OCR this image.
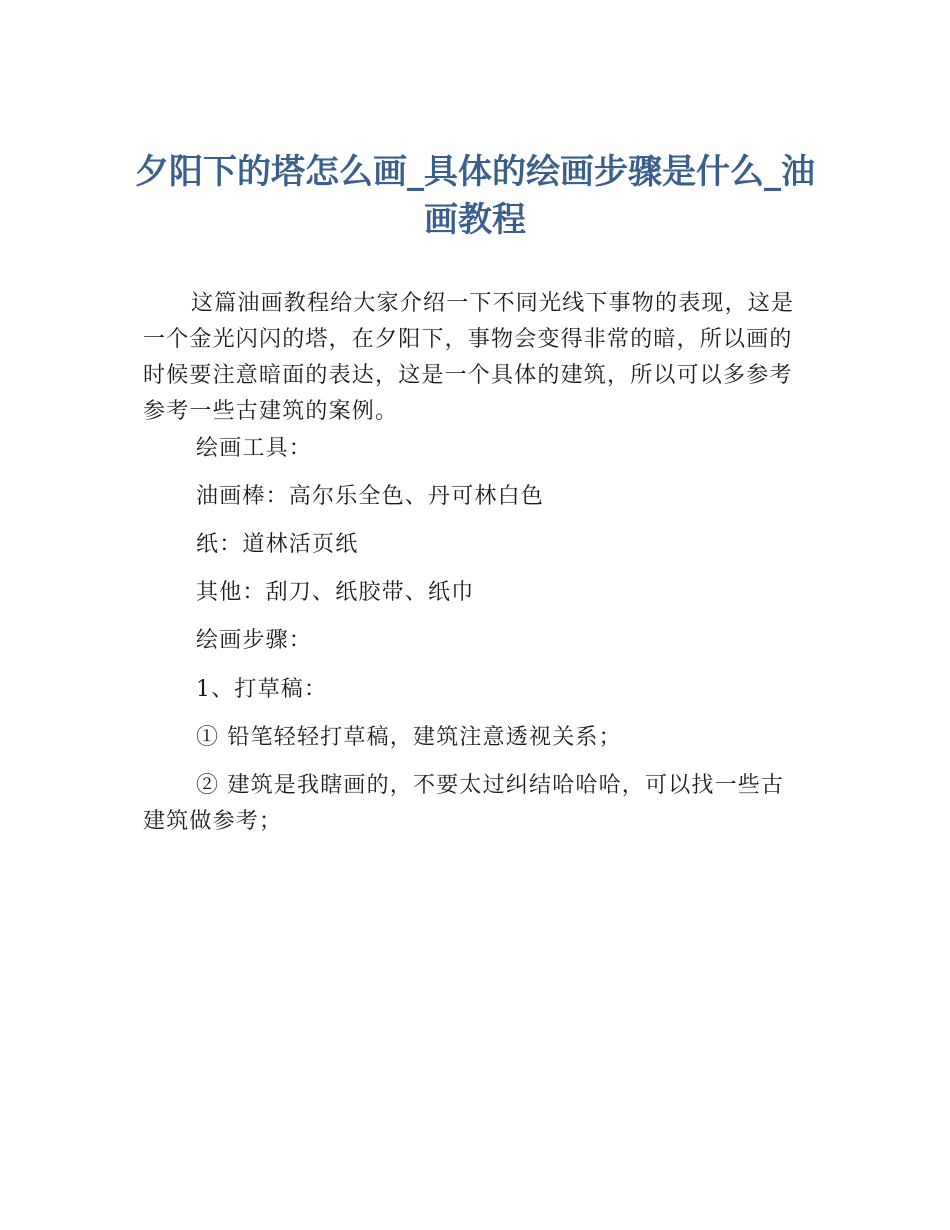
夕阳下的塔怎么画_具体的绘画步骤是什么_油画教程

这篇油画教程给大家介绍一下不同光线下事物的表现，这是一个金光闪闪的塔，在夕阳下，事物会变得非常的暗，所以画的时候要注意暗面的表达，这是一个具体的建筑，所以可以多参考参考一些古建筑的案例。

绘画工具：

油画棒：高尔乐全色、丹可林白色

纸：道林活页纸

其他：刮刀、纸胶带、纸巾

绘画步骤：

1、打草稿：

① 铅笔轻轻打草稿，建筑注意透视关系；

② 建筑是我瞎画的，不要太过纠结哈哈哈，可以找一些古建筑做参考；
